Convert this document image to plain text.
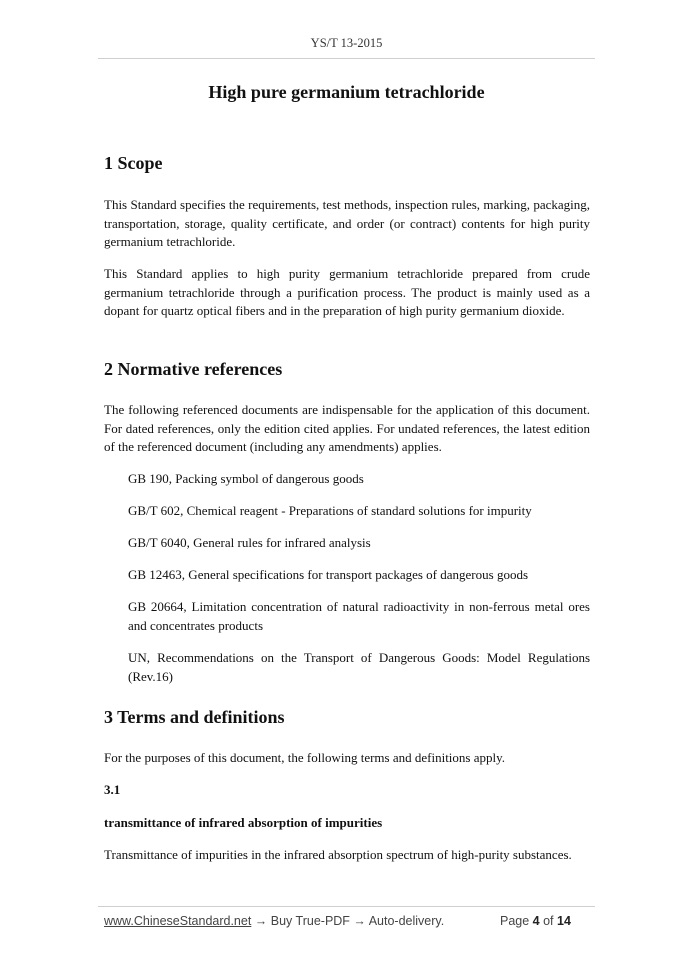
YS/T 13-2015
High pure germanium tetrachloride
1 Scope

This Standard specifies the requirements, test methods, inspection rules, marking, packaging, transportation, storage, quality certificate, and order (or contract) contents for high purity germanium tetrachloride.

This Standard applies to high purity germanium tetrachloride prepared from crude germanium tetrachloride through a purification process. The product is mainly used as a dopant for quartz optical fibers and in the preparation of high purity germanium dioxide.

2 Normative references

The following referenced documents are indispensable for the application of this document. For dated references, only the edition cited applies. For undated references, the latest edition of the referenced document (including any amendments) applies.

GB 190, Packing symbol of dangerous goods

GB/T 602, Chemical reagent - Preparations of standard solutions for impurity

GB/T 6040, General rules for infrared analysis

GB 12463, General specifications for transport packages of dangerous goods

GB 20664, Limitation concentration of natural radioactivity in non-ferrous metal ores and concentrates products

UN, Recommendations on the Transport of Dangerous Goods: Model Regulations (Rev.16)

3 Terms and definitions

For the purposes of this document, the following terms and definitions apply.

3.1

transmittance of infrared absorption of impurities

Transmittance of impurities in the infrared absorption spectrum of high-purity substances.

www.ChineseStandard.net → Buy True-PDF → Auto-delivery.	Page 4 of 14
